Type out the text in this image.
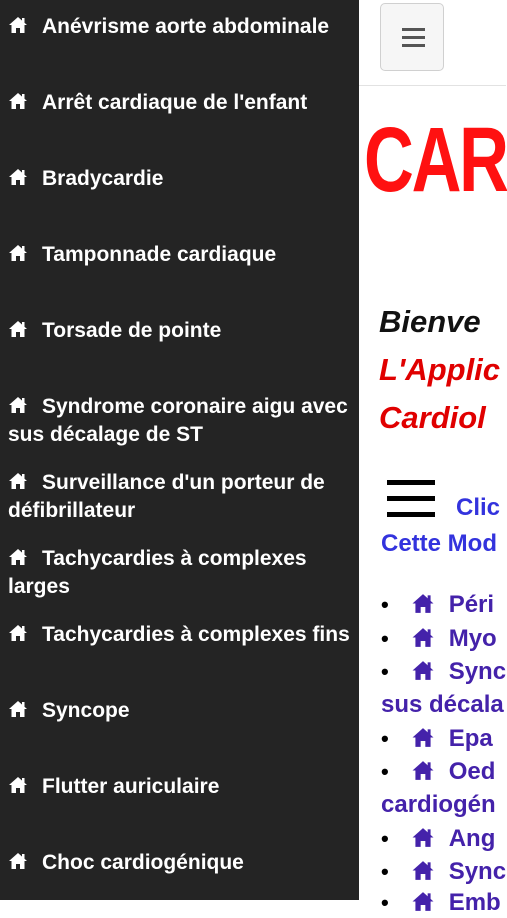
Anévrisme aorte abdominale
Arrêt cardiaque de l'enfant
Bradycardie
Tamponnade cardiaque
Torsade de pointe
Syndrome coronaire aigu avec sus décalage de ST
Surveillance d'un porteur de défibrillateur
Tachycardies à complexes larges
Tachycardies à complexes fins
Syncope
Flutter auriculaire
Choc cardiogénique
CAR
Bienve
L'Applic
Cardiol
Clic
Cette Mod
•	Péri
•	Myo
•	Sync
sus décala
•	Epa
•	Oed
cardiogén
•	Ang
•	Sync
•	Emb
